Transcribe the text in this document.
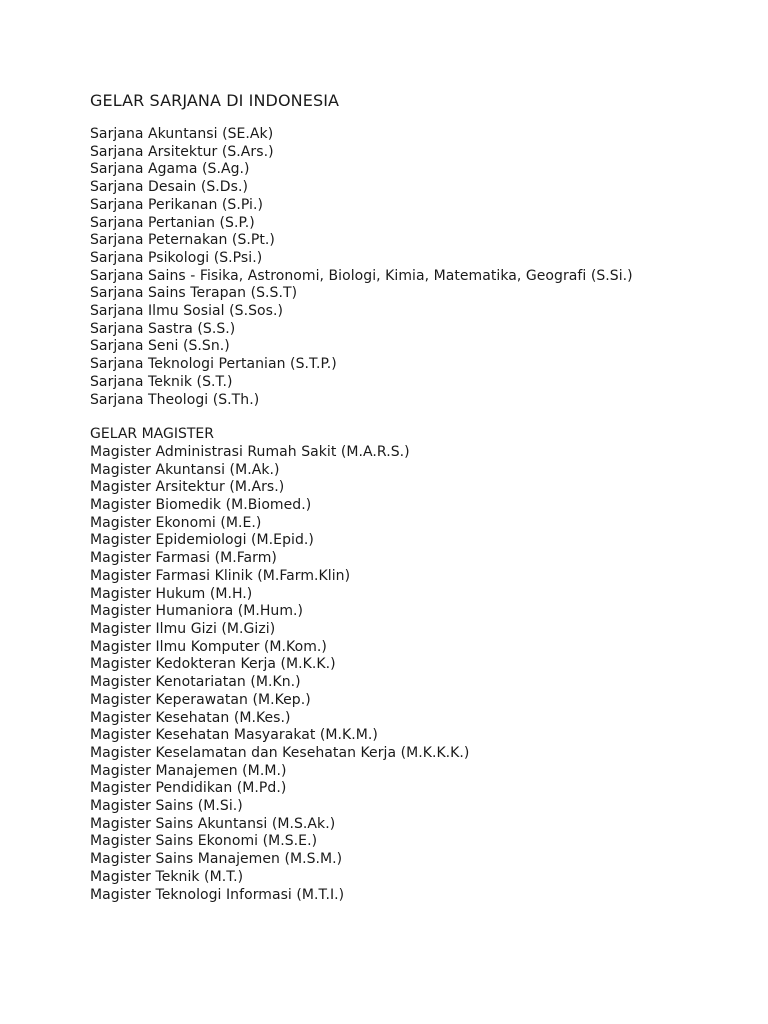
GELAR SARJANA DI INDONESIA
Sarjana Akuntansi (SE.Ak)
Sarjana Arsitektur (S.Ars.)
Sarjana Agama (S.Ag.)
Sarjana Desain (S.Ds.)
Sarjana Perikanan (S.Pi.)
Sarjana Pertanian (S.P.)
Sarjana Peternakan (S.Pt.)
Sarjana Psikologi (S.Psi.)
Sarjana Sains - Fisika, Astronomi, Biologi, Kimia, Matematika, Geografi (S.Si.)
Sarjana Sains Terapan (S.S.T)
Sarjana Ilmu Sosial (S.Sos.)
Sarjana Sastra (S.S.)
Sarjana Seni (S.Sn.)
Sarjana Teknologi Pertanian (S.T.P.)
Sarjana Teknik (S.T.)
Sarjana Theologi (S.Th.)
GELAR MAGISTER
Magister Administrasi Rumah Sakit (M.A.R.S.)
Magister Akuntansi (M.Ak.)
Magister Arsitektur (M.Ars.)
Magister Biomedik (M.Biomed.)
Magister Ekonomi (M.E.)
Magister Epidemiologi (M.Epid.)
Magister Farmasi (M.Farm)
Magister Farmasi Klinik (M.Farm.Klin)
Magister Hukum (M.H.)
Magister Humaniora (M.Hum.)
Magister Ilmu Gizi (M.Gizi)
Magister Ilmu Komputer (M.Kom.)
Magister Kedokteran Kerja (M.K.K.)
Magister Kenotariatan (M.Kn.)
Magister Keperawatan (M.Kep.)
Magister Kesehatan (M.Kes.)
Magister Kesehatan Masyarakat (M.K.M.)
Magister Keselamatan dan Kesehatan Kerja (M.K.K.K.)
Magister Manajemen (M.M.)
Magister Pendidikan (M.Pd.)
Magister Sains (M.Si.)
Magister Sains Akuntansi (M.S.Ak.)
Magister Sains Ekonomi (M.S.E.)
Magister Sains Manajemen (M.S.M.)
Magister Teknik (M.T.)
Magister Teknologi Informasi (M.T.I.)
